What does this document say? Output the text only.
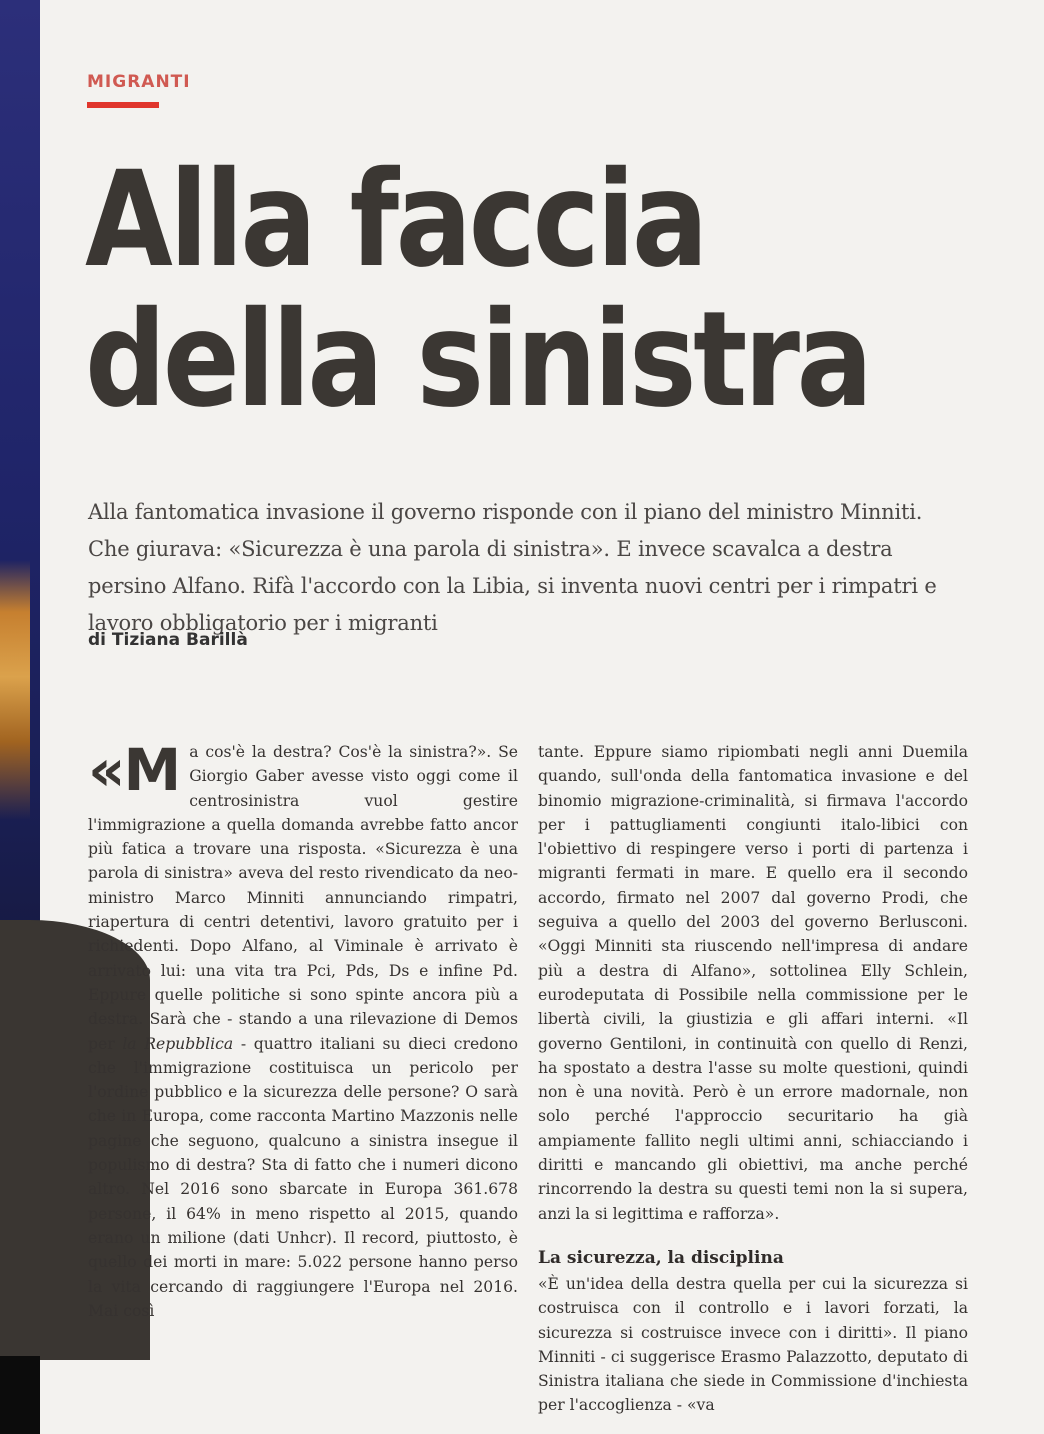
MIGRANTI
Alla faccia
della sinistra

Alla fantomatica invasione il governo risponde con il piano del ministro Minniti. Che giurava: «Sicurezza è una parola di sinistra». E invece scavalca a destra persino Alfano. Rifà l'accordo con la Libia, si inventa nuovi centri per i rimpatri e lavoro obbligatorio per i migranti

di Tiziana Barillà

«Ma cos'è la destra? Cos'è la sinistra?». Se Giorgio Gaber avesse visto oggi come il centrosinistra vuol gestire l'immigrazione a quella domanda avrebbe fatto ancor più fatica a trovare una risposta. «Sicurezza è una parola di sinistra» aveva del resto rivendicato da neo-ministro Marco Minniti annunciando rimpatri, riapertura di centri detentivi, lavoro gratuito per i richiedenti. Dopo Alfano, al Viminale è arrivato è arrivato lui: una vita tra Pci, Pds, Ds e infine Pd. Eppure quelle politiche si sono spinte ancora più a destra. Sarà che - stando a una rilevazione di Demos per la Repubblica - quattro italiani su dieci credono che l'immigrazione costituisca un pericolo per l'ordine pubblico e la sicurezza delle persone? O sarà che in Europa, come racconta Martino Mazzonis nelle pagine che seguono, qualcuno a sinistra insegue il populismo di destra? Sta di fatto che i numeri dicono altro. Nel 2016 sono sbarcate in Europa 361.678 persone, il 64% in meno rispetto al 2015, quando erano un milione (dati Unhcr). Il record, piuttosto, è quello dei morti in mare: 5.022 persone hanno perso la vita cercando di raggiungere l'Europa nel 2016. Mai così

tante. Eppure siamo ripiombati negli anni Duemila quando, sull'onda della fantomatica invasione e del binomio migrazione-criminalità, si firmava l'accordo per i pattugliamenti congiunti italo-libici con l'obiettivo di respingere verso i porti di partenza i migranti fermati in mare. E quello era il secondo accordo, firmato nel 2007 dal governo Prodi, che seguiva a quello del 2003 del governo Berlusconi. «Oggi Minniti sta riuscendo nell'impresa di andare più a destra di Alfano», sottolinea Elly Schlein, eurodeputata di Possibile nella commissione per le libertà civili, la giustizia e gli affari interni. «Il governo Gentiloni, in continuità con quello di Renzi, ha spostato a destra l'asse su molte questioni, quindi non è una novità. Però è un errore madornale, non solo perché l'approccio securitario ha già ampiamente fallito negli ultimi anni, schiacciando i diritti e mancando gli obiettivi, ma anche perché rincorrendo la destra su questi temi non la si supera, anzi la si legittima e rafforza».

La sicurezza, la disciplina

«È un'idea della destra quella per cui la sicurezza si costruisca con il controllo e i lavori forzati, la sicurezza si costruisce invece con i diritti». Il piano Minniti - ci suggerisce Erasmo Palazzotto, deputato di Sinistra italiana che siede in Commissione d'inchiesta per l'accoglienza - «va
